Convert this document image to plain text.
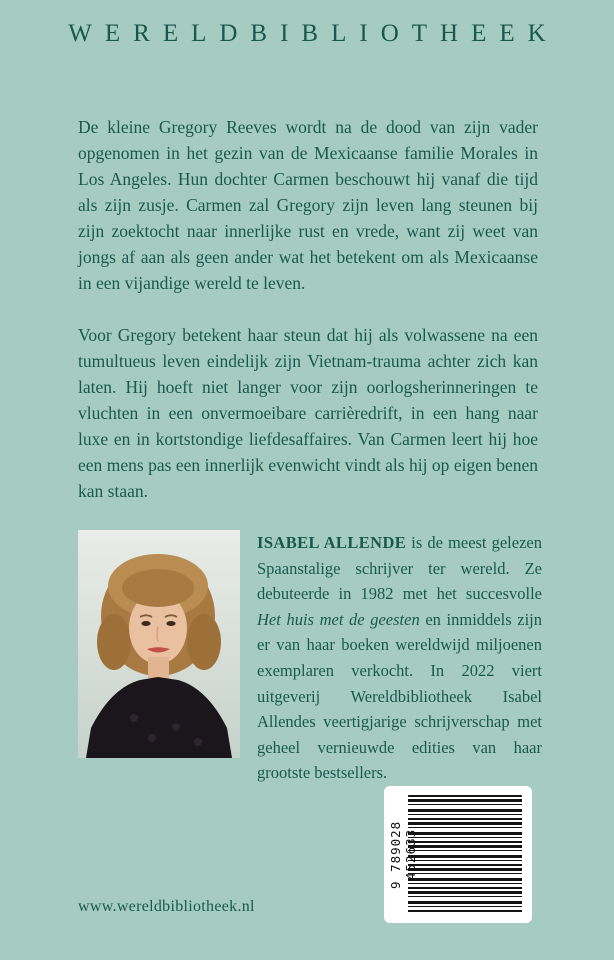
WERELDBIBLIOTHEEK

De kleine Gregory Reeves wordt na de dood van zijn vader opgenomen in het gezin van de Mexicaanse familie Morales in Los Angeles. Hun dochter Carmen beschouwt hij vanaf die tijd als zijn zusje. Carmen zal Gregory zijn leven lang steunen bij zijn zoektocht naar innerlijke rust en vrede, want zij weet van jongs af aan als geen ander wat het betekent om als Mexicaanse in een vijandige wereld te leven.

Voor Gregory betekent haar steun dat hij als volwassene na een tumultueus leven eindelijk zijn Vietnam-trauma achter zich kan laten. Hij hoeft niet langer voor zijn oorlogsherinneringen te vluchten in een onvermoeibare carrièredrift, in een hang naar luxe en in kortstondige liefdesaffaires. Van Carmen leert hij hoe een mens pas een innerlijk evenwicht vindt als hij op eigen benen kan staan.

ISABEL ALLENDE is de meest gelezen Spaanstalige schrijver ter wereld. Ze debuteerde in 1982 met het succesvolle Het huis met de geesten en inmiddels zijn er van haar boeken wereldwijd miljoenen exemplaren verkocht. In 2022 viert uitgeverij Wereldbibliotheek Isabel Allendes veertigjarige schrijverschap met geheel vernieuwde edities van haar grootste bestsellers.
www.wereldbibliotheek.nl
9 789028 452633
